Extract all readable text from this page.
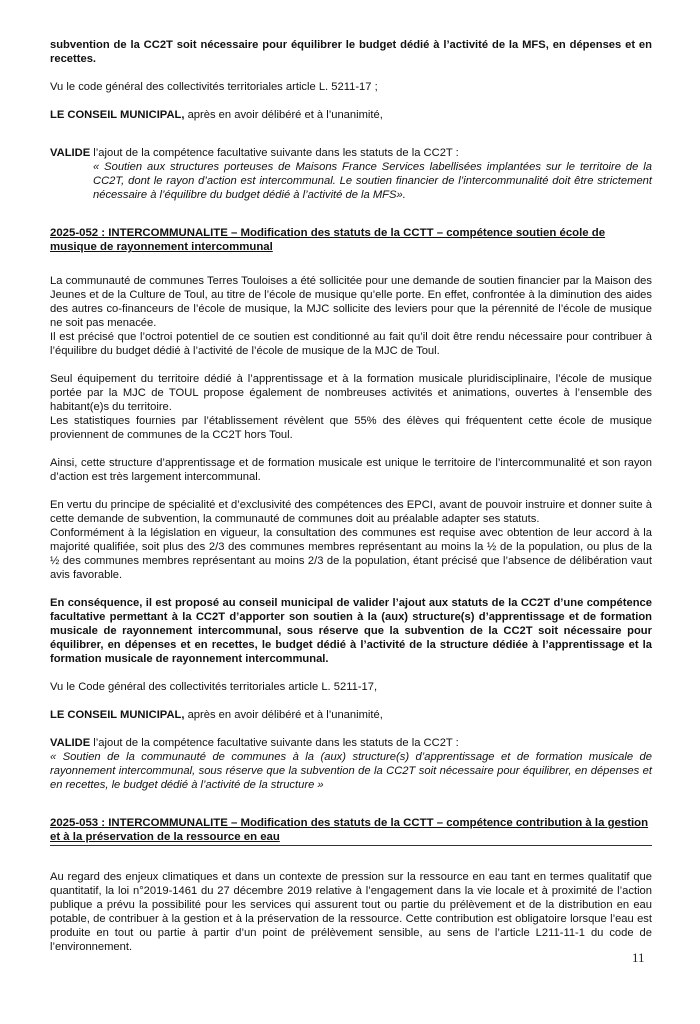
subvention de la CC2T soit nécessaire pour équilibrer le budget dédié à l’activité de la MFS, en dépenses et en recettes.

Vu le code général des collectivités territoriales article L. 5211-17 ;

LE CONSEIL MUNICIPAL, après en avoir délibéré et à l’unanimité,

VALIDE l’ajout de la compétence facultative suivante dans les statuts de la CC2T :

« Soutien aux structures porteuses de Maisons France Services labellisées implantées sur le territoire de la CC2T, dont le rayon d’action est intercommunal. Le soutien financier de l’intercommunalité doit être strictement nécessaire à l’équilibre du budget dédié à l’activité de la MFS».

2025-052 : INTERCOMMUNALITE – Modification des statuts de la CCTT – compétence soutien école de musique de rayonnement intercommunal

La communauté de communes Terres Touloises a été sollicitée pour une demande de soutien financier par la Maison des Jeunes et de la Culture de Toul, au titre de l’école de musique qu’elle porte. En effet, confrontée à la diminution des aides des autres co-financeurs de l’école de musique, la MJC sollicite des leviers pour que la pérennité de l’école de musique ne soit pas menacée.

Il est précisé que l’octroi potentiel de ce soutien est conditionné au fait qu’il doit être rendu nécessaire pour contribuer à l’équilibre du budget dédié à l’activité de l’école de musique de la MJC de Toul.

Seul équipement du territoire dédié à l’apprentissage et à la formation musicale pluridisciplinaire, l’école de musique portée par la MJC de TOUL propose également de nombreuses activités et animations, ouvertes à l’ensemble des habitant(e)s du territoire.

Les statistiques fournies par l’établissement révèlent que 55% des élèves qui fréquentent cette école de musique proviennent de communes de la CC2T hors Toul.

Ainsi, cette structure d’apprentissage et de formation musicale est unique le territoire de l’intercommunalité et son rayon d’action est très largement intercommunal.

En vertu du principe de spécialité et d’exclusivité des compétences des EPCI, avant de pouvoir instruire et donner suite à cette demande de subvention, la communauté de communes doit au préalable adapter ses statuts.

Conformément à la législation en vigueur, la consultation des communes est requise avec obtention de leur accord à la majorité qualifiée, soit plus des 2/3 des communes membres représentant au moins la ½ de la population, ou plus de la ½ des communes membres représentant au moins 2/3 de la population, étant précisé que l’absence de délibération vaut avis favorable.

En conséquence, il est proposé au conseil municipal de valider l’ajout aux statuts de la CC2T d’une compétence facultative permettant à la CC2T d’apporter son soutien à la (aux) structure(s) d’apprentissage et de formation musicale de rayonnement intercommunal, sous réserve que la subvention de la CC2T soit nécessaire pour équilibrer, en dépenses et en recettes, le budget dédié à l’activité de la structure dédiée à l’apprentissage et la formation musicale de rayonnement intercommunal.

Vu le Code général des collectivités territoriales article L. 5211-17,

LE CONSEIL MUNICIPAL, après en avoir délibéré et à l’unanimité,

VALIDE l’ajout de la compétence facultative suivante dans les statuts de la CC2T :

« Soutien de la communauté de communes à la (aux) structure(s) d’apprentissage et de formation musicale de rayonnement intercommunal, sous réserve que la subvention de la CC2T soit nécessaire pour équilibrer, en dépenses et en recettes, le budget dédié à l’activité de la structure »

2025-053 : INTERCOMMUNALITE – Modification des statuts de la CCTT – compétence contribution à la gestion et à la préservation de la ressource en eau

Au regard des enjeux climatiques et dans un contexte de pression sur la ressource en eau tant en termes qualitatif que quantitatif, la loi n°2019-1461 du 27 décembre 2019 relative à l’engagement dans la vie locale et à proximité de l’action publique a prévu la possibilité pour les services qui assurent tout ou partie du prélèvement et de la distribution en eau potable, de contribuer à la gestion et à la préservation de la ressource. Cette contribution est obligatoire lorsque l’eau est produite en tout ou partie à partir d’un point de prélèvement sensible, au sens de l’article L211-11-1 du code de l’environnement.

11
